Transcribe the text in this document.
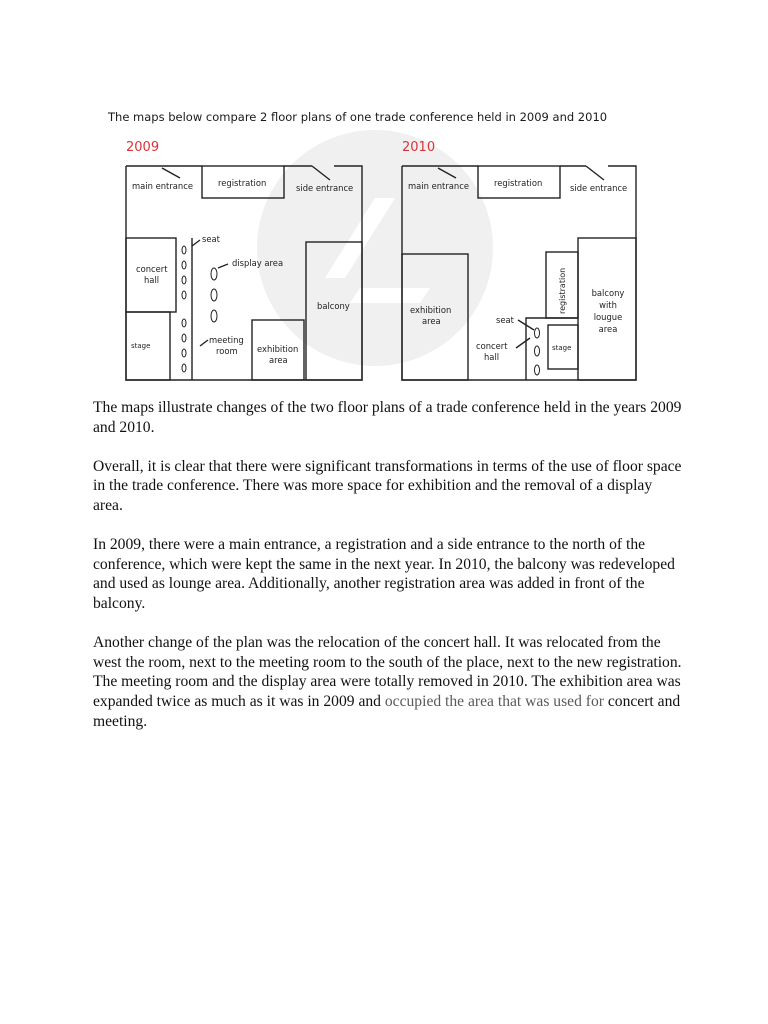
The maps below compare 2 floor plans of one trade conference held in 2009 and 2010

2009
main entrance	registration	side entrance
seat
display area
concert
hall
balcony
meeting
room exhibition
area
stage
2010
main entrance	registration	side entrance
registration	balcony
with
lougue
area
exhibition
area	seat
concert
hall
stage

The maps illustrate changes of the two floor plans of a trade conference held in the years 2009 and 2010.

Overall, it is clear that there were significant transformations in terms of the use of floor space in the trade conference. There was more space for exhibition and the removal of a display area.

In 2009, there were a main entrance, a registration and a side entrance to the north of the conference, which were kept the same in the next year. In 2010, the balcony was redeveloped and used as lounge area. Additionally, another registration area was added in front of the balcony.

Another change of the plan was the relocation of the concert hall. It was relocated from the west the room, next to the meeting room to the south of the place, next to the new registration. The meeting room and the display area were totally removed in 2010. The exhibition area was expanded twice as much as it was in 2009 and occupied the area that was used for concert and meeting.
